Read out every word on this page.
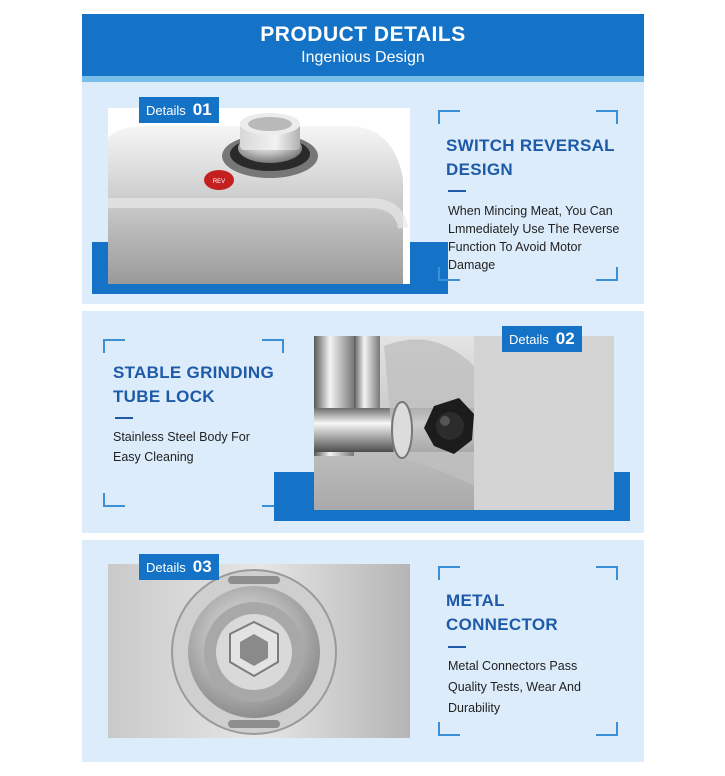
PRODUCT DETAILS
Ingenious Design
REV
Details 01
SWITCH REVERSAL
DESIGN
When Mincing Meat, You Can
Lmmediately Use The Reverse
Function To Avoid Motor
Damage
STABLE GRINDING
TUBE LOCK
Stainless Steel Body For
Easy Cleaning
Details 02
Details 03
METAL
CONNECTOR
Metal Connectors Pass
Quality Tests, Wear And
Durability
